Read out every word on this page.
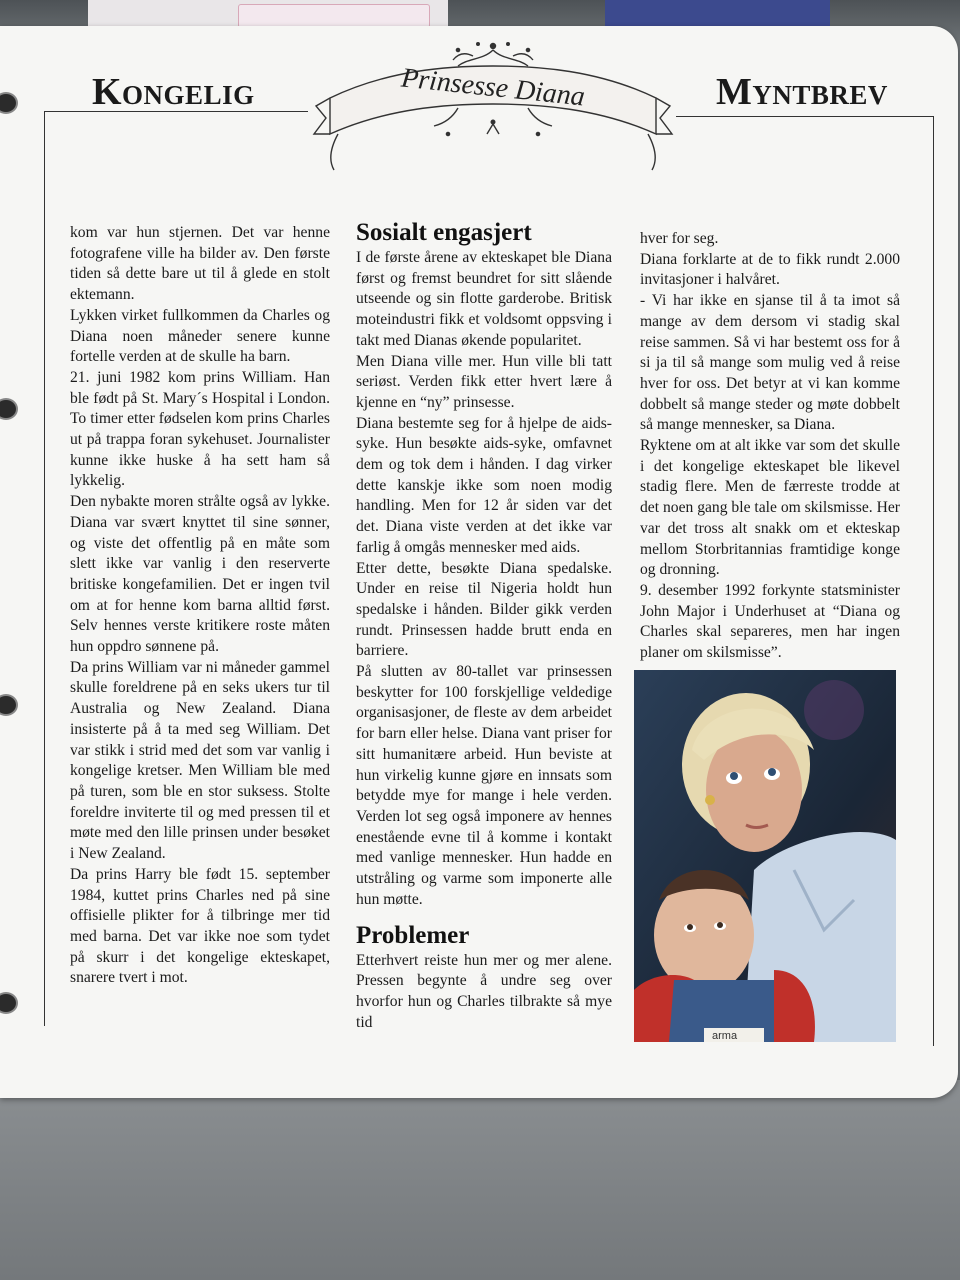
Kongelig	Myntbrev
Prinsesse Diana

kom var hun stjernen. Det var henne fotografene ville ha bilder av. Den første tiden så dette bare ut til å glede en stolt ektemann.

Lykken virket fullkommen da Charles og Diana noen måneder senere kunne fortelle verden at de skulle ha barn.

21. juni 1982 kom prins William. Han ble født på St. Mary´s Hospital i London. To timer etter fødselen kom prins Charles ut på trappa foran sykehuset. Journalister kunne ikke huske å ha sett ham så lykkelig.

Den nybakte moren strålte også av lykke. Diana var svært knyttet til sine sønner, og viste det offentlig på en måte som slett ikke var vanlig i den reserverte britiske kongefamilien. Det er ingen tvil om at for henne kom barna alltid først. Selv hennes verste kritikere roste måten hun oppdro sønnene på.

Da prins William var ni måneder gammel skulle foreldrene på en seks ukers tur til Australia og New Zealand. Diana insisterte på å ta med seg William. Det var stikk i strid med det som var vanlig i kongelige kretser. Men William ble med på turen, som ble en stor suksess. Stolte foreldre inviterte til og med pressen til et møte med den lille prinsen under besøket i New Zealand.

Da prins Harry ble født 15. september 1984, kuttet prins Charles ned på sine offisielle plikter for å tilbringe mer tid med barna. Det var ikke noe som tydet på skurr i det kongelige ekteskapet, snarere tvert i mot.

Sosialt engasjert

I de første årene av ekteskapet ble Diana først og fremst beundret for sitt slående utseende og sin flotte garderobe. Britisk moteindustri fikk et voldsomt oppsving i takt med Dianas økende popularitet.

Men Diana ville mer. Hun ville bli tatt seriøst. Verden fikk etter hvert lære å kjenne en “ny” prinsesse.

Diana bestemte seg for å hjelpe de aids-syke. Hun besøkte aids-syke, omfavnet dem og tok dem i hånden. I dag virker dette kanskje ikke som noen modig handling. Men for 12 år siden var det det. Diana viste verden at det ikke var farlig å omgås mennesker med aids.

Etter dette, besøkte Diana spedalske. Under en reise til Nigeria holdt hun spedalske i hånden. Bilder gikk verden rundt. Prinsessen hadde brutt enda en barriere.

På slutten av 80-tallet var prinsessen beskytter for 100 forskjellige veldedige organisasjoner, de fleste av dem arbeidet for barn eller helse. Diana vant priser for sitt humanitære arbeid. Hun beviste at hun virkelig kunne gjøre en innsats som betydde mye for mange i hele verden. Verden lot seg også imponere av hennes enestående evne til å komme i kontakt med vanlige mennesker. Hun hadde en utstråling og varme som imponerte alle hun møtte.

Problemer

Etterhvert reiste hun mer og mer alene. Pressen begynte å undre seg over hvorfor hun og Charles tilbrakte så mye tid

hver for seg.

Diana forklarte at de to fikk rundt 2.000 invitasjoner i halvåret.

- Vi har ikke en sjanse til å ta imot så mange av dem dersom vi stadig skal reise sammen. Så vi har bestemt oss for å si ja til så mange som mulig ved å reise hver for oss. Det betyr at vi kan komme dobbelt så mange steder og møte dobbelt så mange mennesker, sa Diana.

Ryktene om at alt ikke var som det skulle i det kongelige ekteskapet ble likevel stadig flere. Men de færreste trodde at det noen gang ble tale om skilsmisse. Her var det tross alt snakk om et ekteskap mellom Storbritannias framtidige konge og dronning.

9. desember 1992 forkynte statsminister John Major i Underhuset at “Diana og Charles skal separeres, men har ingen planer om skilsmisse”.

arma
